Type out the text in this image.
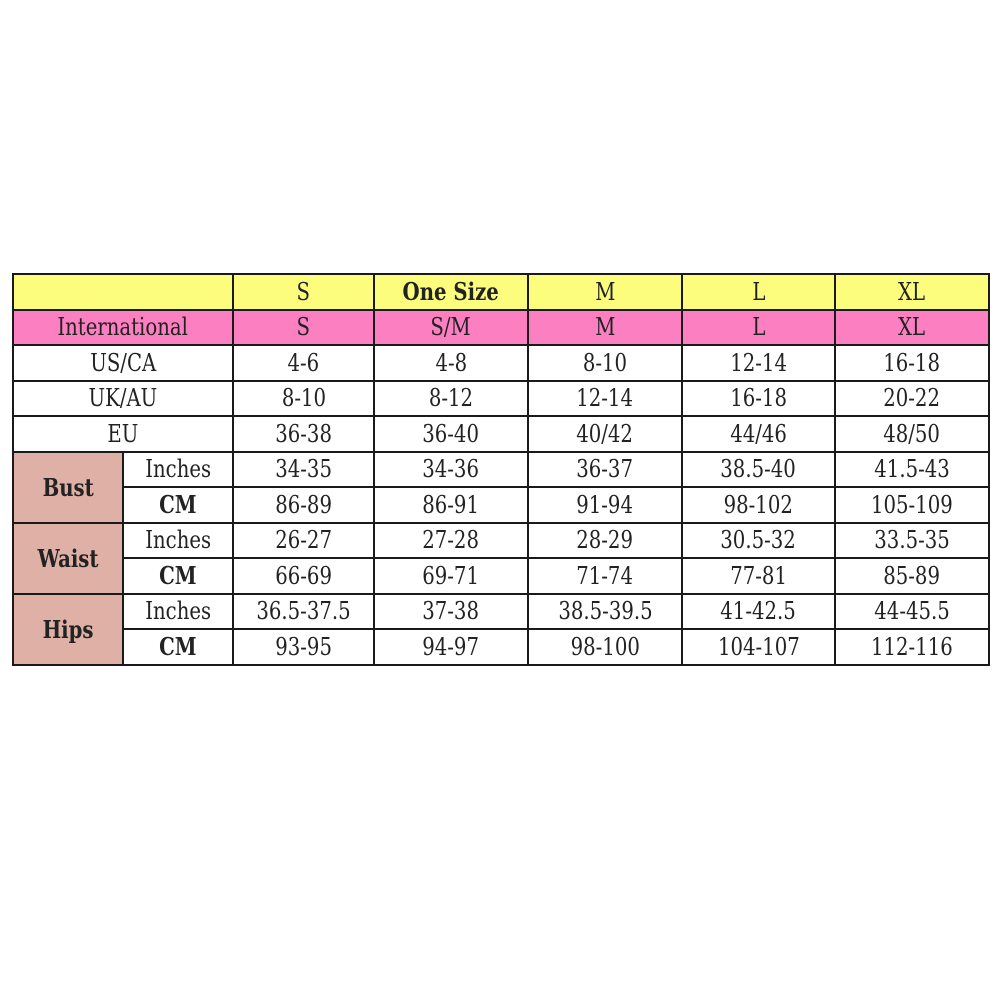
		S	One Size	M	L	XL
International		S	S/M	M	L	XL
US/CA		4-6	4-8	8-10	12-14	16-18
UK/AU		8-10	8-12	12-14	16-18	20-22
EU		36-38	36-40	40/42	44/46	48/50
Bust	Inches	34-35	34-36	36-37	38.5-40	41.5-43
	CM	86-89	86-91	91-94	98-102	105-109
Waist	Inches	26-27	27-28	28-29	30.5-32	33.5-35
	CM	66-69	69-71	71-74	77-81	85-89
Hips	Inches	36.5-37.5	37-38	38.5-39.5	41-42.5	44-45.5
	CM	93-95	94-97	98-100	104-107	112-116
